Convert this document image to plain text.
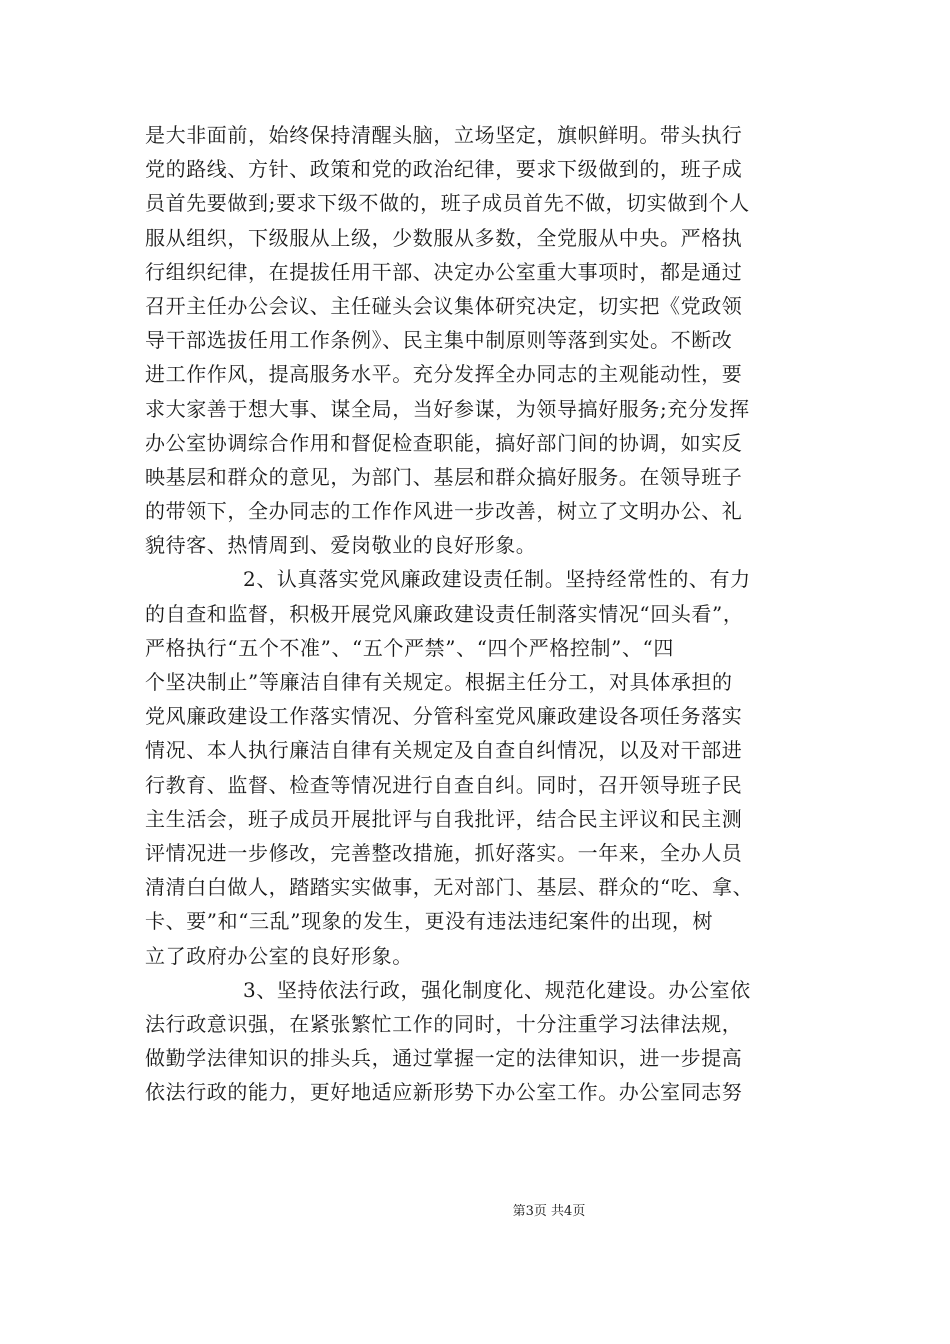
是大非面前，始终保持清醒头脑，立场坚定，旗帜鲜明。带头执行
党的路线、方针、政策和党的政治纪律，要求下级做到的，班子成
员首先要做到;要求下级不做的，班子成员首先不做，切实做到个人
服从组织，下级服从上级，少数服从多数，全党服从中央。严格执
行组织纪律，在提拔任用干部、决定办公室重大事项时，都是通过
召开主任办公会议、主任碰头会议集体研究决定，切实把《党政领
导干部选拔任用工作条例》、民主集中制原则等落到实处。不断改
进工作作风，提高服务水平。充分发挥全办同志的主观能动性，要
求大家善于想大事、谋全局，当好参谋，为领导搞好服务;充分发挥
办公室协调综合作用和督促检查职能，搞好部门间的协调，如实反
映基层和群众的意见，为部门、基层和群众搞好服务。在领导班子
的带领下，全办同志的工作作风进一步改善，树立了文明办公、礼
貌待客、热情周到、爱岗敬业的良好形象。
2、认真落实党风廉政建设责任制。坚持经常性的、有力
的自查和监督，积极开展党风廉政建设责任制落实情况“回头看”，
严格执行“五个不准”、“五个严禁”、“四个严格控制”、“四
个坚决制止”等廉洁自律有关规定。根据主任分工，对具体承担的
党风廉政建设工作落实情况、分管科室党风廉政建设各项任务落实
情况、本人执行廉洁自律有关规定及自查自纠情况，以及对干部进
行教育、监督、检查等情况进行自查自纠。同时，召开领导班子民
主生活会，班子成员开展批评与自我批评，结合民主评议和民主测
评情况进一步修改，完善整改措施，抓好落实。一年来，全办人员
清清白白做人，踏踏实实做事，无对部门、基层、群众的“吃、拿、
卡、要”和“三乱”现象的发生，更没有违法违纪案件的出现，树
立了政府办公室的良好形象。
3、坚持依法行政，强化制度化、规范化建设。办公室依
法行政意识强，在紧张繁忙工作的同时，十分注重学习法律法规，
做勤学法律知识的排头兵，通过掌握一定的法律知识，进一步提高
依法行政的能力，更好地适应新形势下办公室工作。办公室同志努
第3页 共4页
